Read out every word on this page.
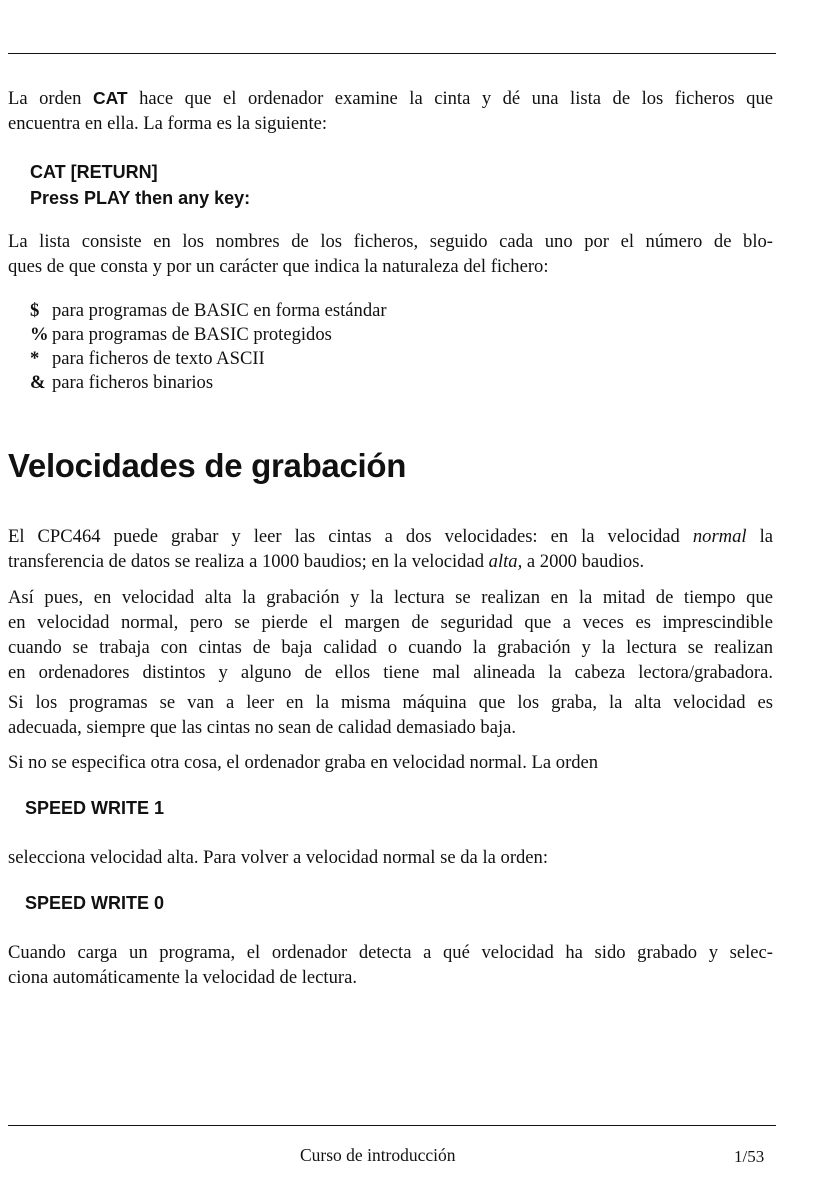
La orden CAT hace que el ordenador examine la cinta y dé una lista de los ficheros que
encuentra en ella. La forma es la siguiente:
CAT [RETURN]
Press PLAY then any key:
La lista consiste en los nombres de los ficheros, seguido cada uno por el número de blo-
ques de que consta y por un carácter que indica la naturaleza del fichero:
$ para programas de BASIC en forma estándar
% para programas de BASIC protegidos
* para ficheros de texto ASCII
& para ficheros binarios
Velocidades de grabación
El CPC464 puede grabar y leer las cintas a dos velocidades: en la velocidad normal la
transferencia de datos se realiza a 1000 baudios; en la velocidad alta, a 2000 baudios.
Así pues, en velocidad alta la grabación y la lectura se realizan en la mitad de tiempo que
en velocidad normal, pero se pierde el margen de seguridad que a veces es imprescindible
cuando se trabaja con cintas de baja calidad o cuando la grabación y la lectura se realizan
en ordenadores distintos y alguno de ellos tiene mal alineada la cabeza lectora/grabadora.
Si los programas se van a leer en la misma máquina que los graba, la alta velocidad es
adecuada, siempre que las cintas no sean de calidad demasiado baja.
Si no se especifica otra cosa, el ordenador graba en velocidad normal. La orden
SPEED WRITE 1
selecciona velocidad alta. Para volver a velocidad normal se da la orden:
SPEED WRITE 0
Cuando carga un programa, el ordenador detecta a qué velocidad ha sido grabado y selec-
ciona automáticamente la velocidad de lectura.
Curso de introducción	1/53
